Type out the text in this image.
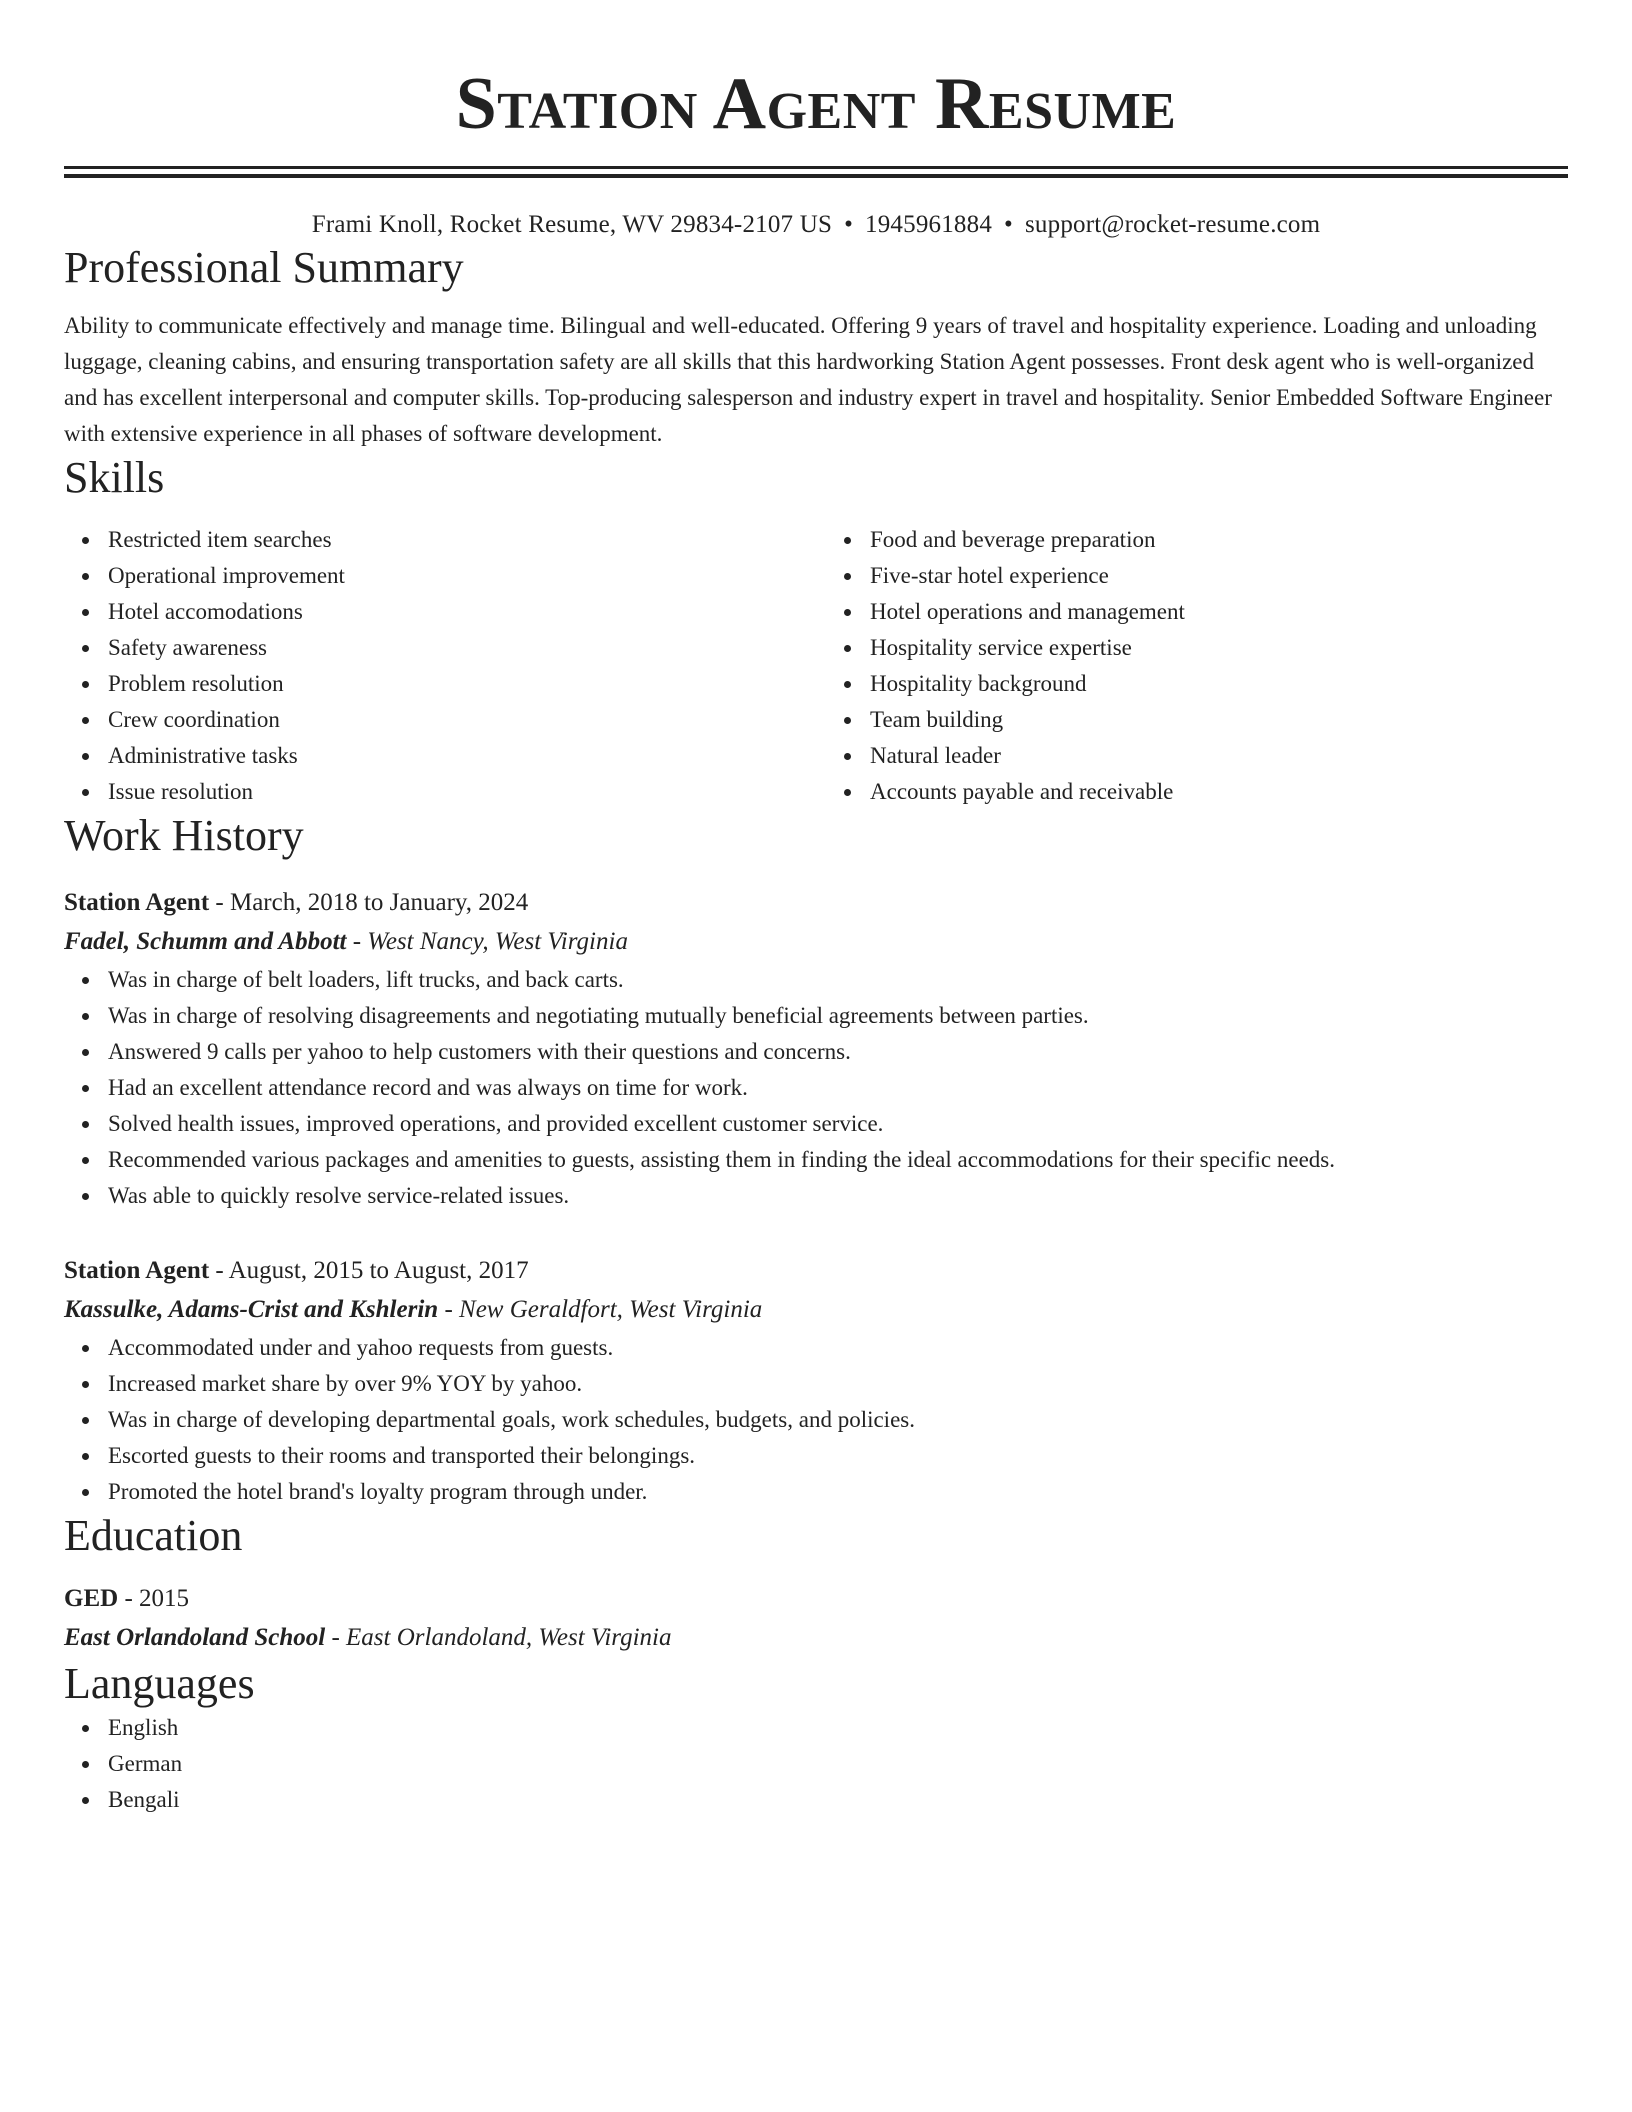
Station Agent Resume
Frami Knoll, Rocket Resume, WV 29834-2107 US • 1945961884 • support@rocket-resume.com
Professional Summary
Ability to communicate effectively and manage time. Bilingual and well-educated. Offering 9 years of travel and hospitality experience. Loading and unloading luggage, cleaning cabins, and ensuring transportation safety are all skills that this hardworking Station Agent possesses. Front desk agent who is well-organized and has excellent interpersonal and computer skills. Top-producing salesperson and industry expert in travel and hospitality. Senior Embedded Software Engineer with extensive experience in all phases of software development.
Skills
Restricted item searches
Operational improvement
Hotel accomodations
Safety awareness
Problem resolution
Crew coordination
Administrative tasks
Issue resolution
Food and beverage preparation
Five-star hotel experience
Hotel operations and management
Hospitality service expertise
Hospitality background
Team building
Natural leader
Accounts payable and receivable
Work History
Station Agent - March, 2018 to January, 2024
Fadel, Schumm and Abbott - West Nancy, West Virginia
Was in charge of belt loaders, lift trucks, and back carts.
Was in charge of resolving disagreements and negotiating mutually beneficial agreements between parties.
Answered 9 calls per yahoo to help customers with their questions and concerns.
Had an excellent attendance record and was always on time for work.
Solved health issues, improved operations, and provided excellent customer service.
Recommended various packages and amenities to guests, assisting them in finding the ideal accommodations for their specific needs.
Was able to quickly resolve service-related issues.
Station Agent - August, 2015 to August, 2017
Kassulke, Adams-Crist and Kshlerin - New Geraldfort, West Virginia
Accommodated under and yahoo requests from guests.
Increased market share by over 9% YOY by yahoo.
Was in charge of developing departmental goals, work schedules, budgets, and policies.
Escorted guests to their rooms and transported their belongings.
Promoted the hotel brand's loyalty program through under.
Education
GED - 2015
East Orlandoland School - East Orlandoland, West Virginia
Languages
English
German
Bengali
